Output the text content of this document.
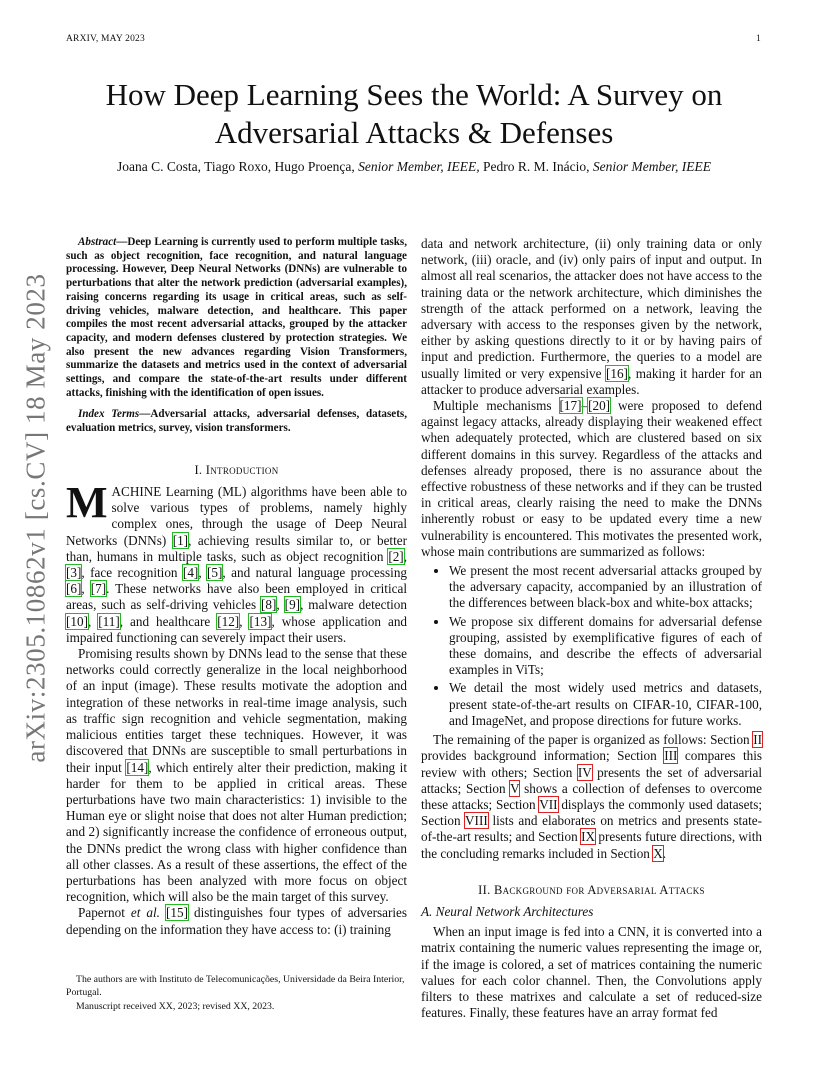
ARXIV, MAY 2023	1
arXiv:2305.10862v1 [cs.CV] 18 May 2023
How Deep Learning Sees the World: A Survey on
Adversarial Attacks & Defenses
Joana C. Costa, Tiago Roxo, Hugo Proença, Senior Member, IEEE, Pedro R. M. Inácio, Senior Member, IEEE

Abstract—Deep Learning is currently used to perform multiple tasks, such as object recognition, face recognition, and natural language processing. However, Deep Neural Networks (DNNs) are vulnerable to perturbations that alter the network prediction (adversarial examples), raising concerns regarding its usage in critical areas, such as self-driving vehicles, malware detection, and healthcare. This paper compiles the most recent adversarial attacks, grouped by the attacker capacity, and modern defenses clustered by protection strategies. We also present the new advances regarding Vision Transformers, summarize the datasets and metrics used in the context of adversarial settings, and compare the state-of-the-art results under different attacks, finishing with the identification of open issues.

Index Terms—Adversarial attacks, adversarial defenses, datasets, evaluation metrics, survey, vision transformers.

I. Introduction

MACHINE Learning (ML) algorithms have been able to solve various types of problems, namely highly complex ones, through the usage of Deep Neural Networks (DNNs) [1], achieving results similar to, or better than, humans in multiple tasks, such as object recognition [2], [3], face recognition [4], [5], and natural language processing [6], [7]. These networks have also been employed in critical areas, such as self-driving vehicles [8], [9], malware detection [10], [11], and healthcare [12], [13], whose application and impaired functioning can severely impact their users.

Promising results shown by DNNs lead to the sense that these networks could correctly generalize in the local neighborhood of an input (image). These results motivate the adoption and integration of these networks in real-time image analysis, such as traffic sign recognition and vehicle segmentation, making malicious entities target these techniques. However, it was discovered that DNNs are susceptible to small perturbations in their input [14], which entirely alter their prediction, making it harder for them to be applied in critical areas. These perturbations have two main characteristics: 1) invisible to the Human eye or slight noise that does not alter Human prediction; and 2) significantly increase the confidence of erroneous output, the DNNs predict the wrong class with higher confidence than all other classes. As a result of these assertions, the effect of the perturbations has been analyzed with more focus on object recognition, which will also be the main target of this survey.

Papernot et al. [15] distinguishes four types of adversaries depending on the information they have access to: (i) training

The authors are with Instituto de Telecomunicações, Universidade da Beira Interior, Portugal.

Manuscript received XX, 2023; revised XX, 2023.

data and network architecture, (ii) only training data or only network, (iii) oracle, and (iv) only pairs of input and output. In almost all real scenarios, the attacker does not have access to the training data or the network architecture, which diminishes the strength of the attack performed on a network, leaving the adversary with access to the responses given by the network, either by asking questions directly to it or by having pairs of input and prediction. Furthermore, the queries to a model are usually limited or very expensive [16], making it harder for an attacker to produce adversarial examples.

Multiple mechanisms [17]–[20] were proposed to defend against legacy attacks, already displaying their weakened effect when adequately protected, which are clustered based on six different domains in this survey. Regardless of the attacks and defenses already proposed, there is no assurance about the effective robustness of these networks and if they can be trusted in critical areas, clearly raising the need to make the DNNs inherently robust or easy to be updated every time a new vulnerability is encountered. This motivates the presented work, whose main contributions are summarized as follows:

• We present the most recent adversarial attacks grouped by the adversary capacity, accompanied by an illustration of the differences between black-box and white-box attacks;
• We propose six different domains for adversarial defense grouping, assisted by exemplificative figures of each of these domains, and describe the effects of adversarial examples in ViTs;
• We detail the most widely used metrics and datasets, present state-of-the-art results on CIFAR-10, CIFAR-100, and ImageNet, and propose directions for future works.

The remaining of the paper is organized as follows: Section II provides background information; Section III compares this review with others; Section IV presents the set of adversarial attacks; Section V shows a collection of defenses to overcome these attacks; Section VII displays the commonly used datasets; Section VIII lists and elaborates on metrics and presents state-of-the-art results; and Section IX presents future directions, with the concluding remarks included in Section X.

II. Background for Adversarial Attacks
A. Neural Network Architectures

When an input image is fed into a CNN, it is converted into a matrix containing the numeric values representing the image or, if the image is colored, a set of matrices containing the numeric values for each color channel. Then, the Convolutions apply filters to these matrixes and calculate a set of reduced-size features. Finally, these features have an array format fed
